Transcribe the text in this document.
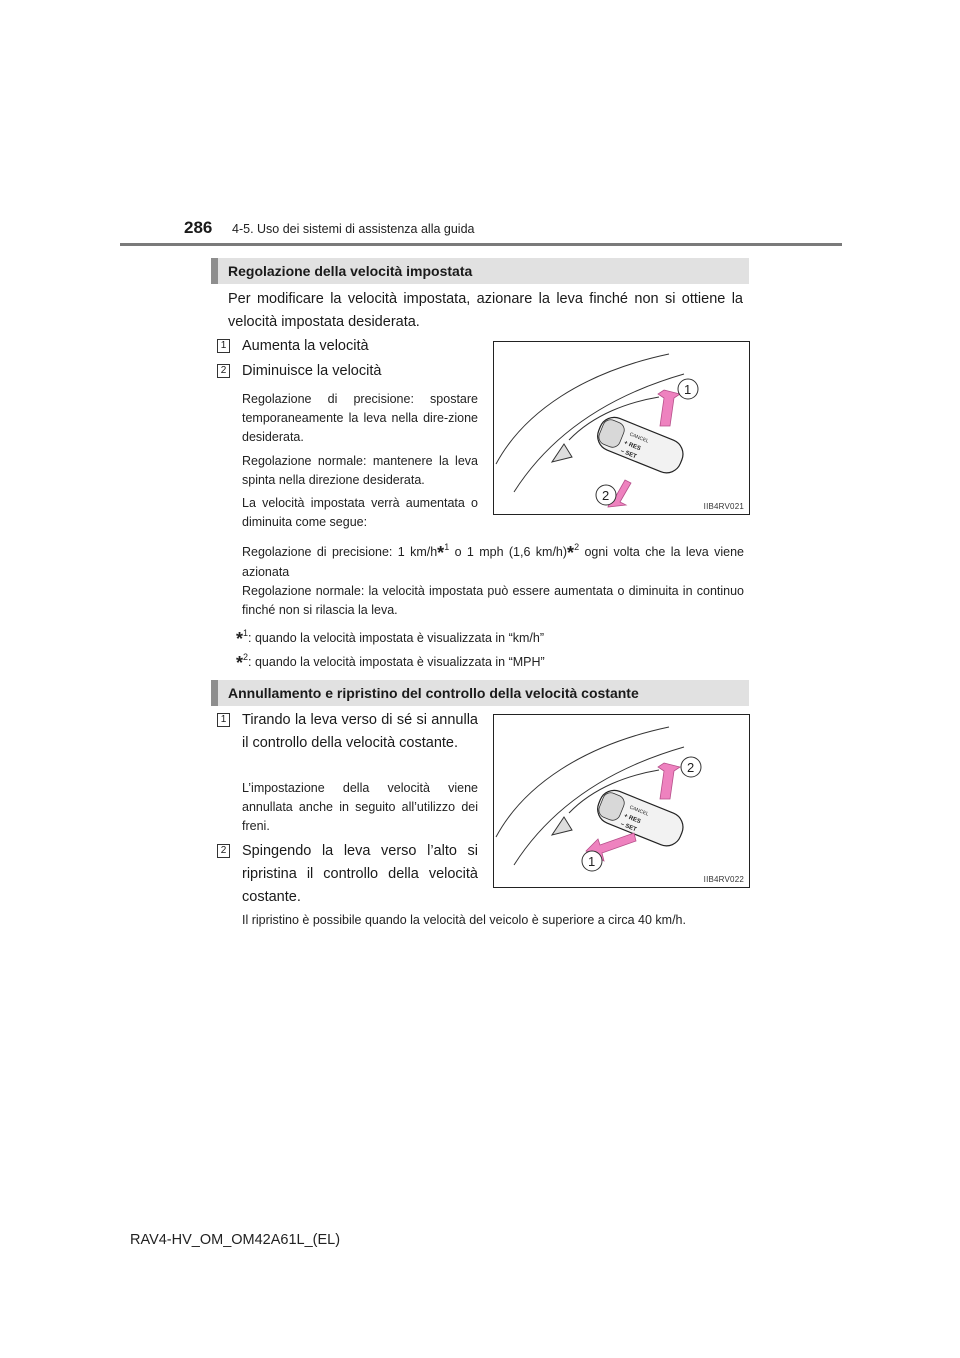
286 4-5. Uso dei sistemi di assistenza alla guida
Regolazione della velocità impostata
Per modificare la velocità impostata, azionare la leva finché non si ottiene la velocità impostata desiderata.
1 Aumenta la velocità
2 Diminuisce la velocità
Regolazione di precisione: spostare temporaneamente la leva nella dire-zione desiderata.
Regolazione normale: mantenere la leva spinta nella direzione desiderata.
La velocità impostata verrà aumentata o diminuita come segue:
Regolazione di precisione: 1 km/h*$^1$ o 1 mph (1,6 km/h)*$^2$ ogni volta che la leva viene azionata
Regolazione normale: la velocità impostata può essere aumentata o diminuita in continuo finché non si rilascia la leva.
*$^1$: quando la velocità impostata è visualizzata in “km/h”
*$^2$: quando la velocità impostata è visualizzata in “MPH”
CANCEL
+ RES
– SET
1
2
IIB4RV021
Annullamento e ripristino del controllo della velocità costante
1 Tirando la leva verso di sé si annulla il controllo della velocità costante.
L’impostazione della velocità viene annullata anche in seguito all’utilizzo dei freni.
2 Spingendo la leva verso l’alto si ripristina il controllo della velocità costante.
Il ripristino è possibile quando la velocità del veicolo è superiore a circa 40 km/h.
CANCEL
+ RES
– SET
2
1
IIB4RV022
RAV4-HV_OM_OM42A61L_(EL)
